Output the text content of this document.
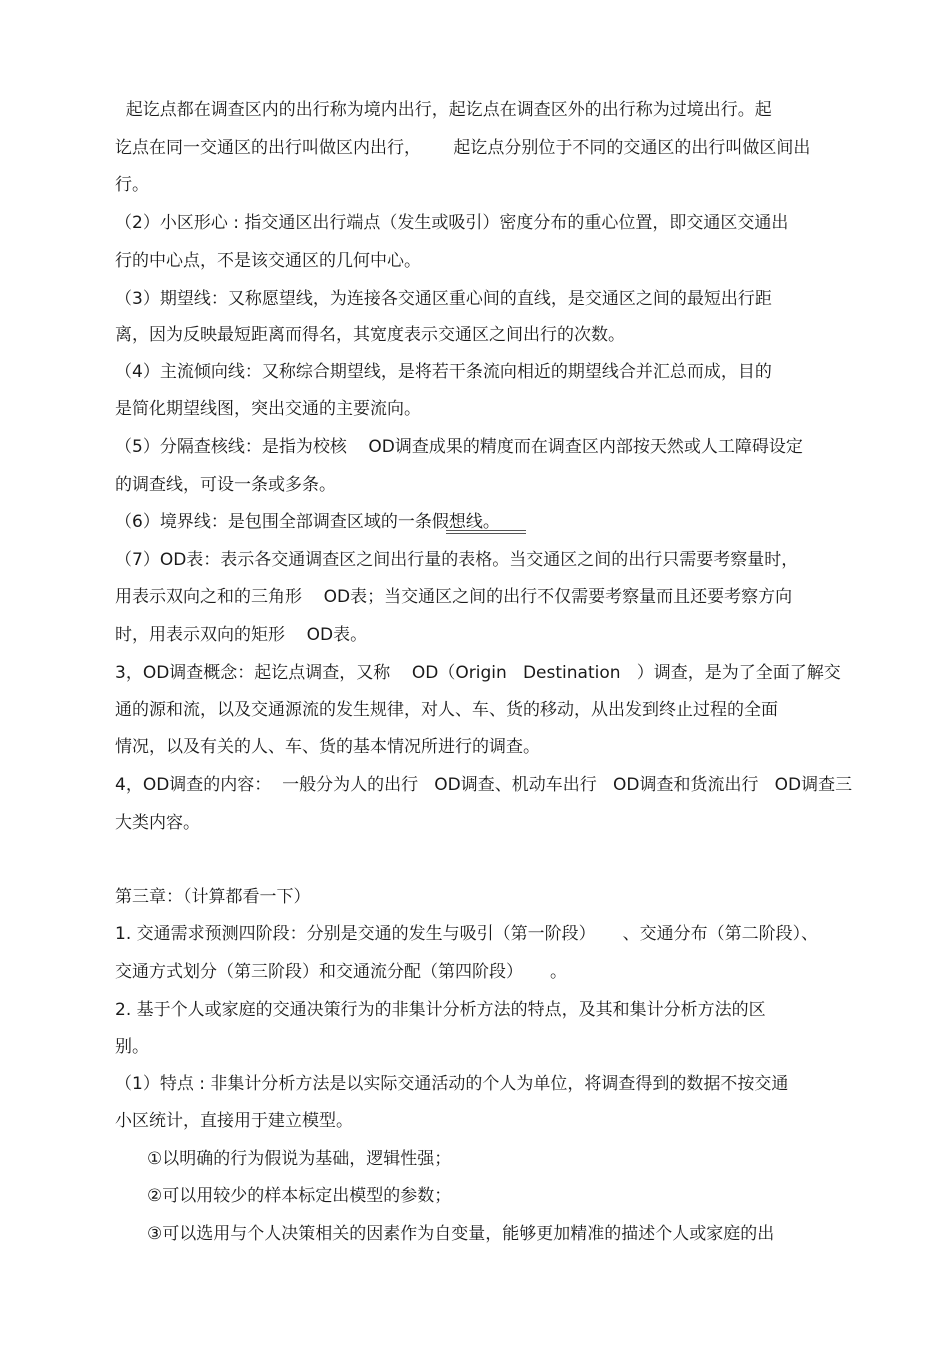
起讫点都在调查区内的出行称为境内出行，起讫点在调查区外的出行称为过境出行。起
讫点在同一交通区的出行叫做区内出行，      起讫点分别位于不同的交通区的出行叫做区间出
行。
（2）小区形心 : 指交通区出行端点（发生或吸引）密度分布的重心位置，即交通区交通出
行的中心点，不是该交通区的几何中心。
（3）期望线：又称愿望线，为连接各交通区重心间的直线，是交通区之间的最短出行距
离，因为反映最短距离而得名，其宽度表示交通区之间出行的次数。
（4）主流倾向线：又称综合期望线，是将若干条流向相近的期望线合并汇总而成，目的
是简化期望线图，突出交通的主要流向。
（5）分隔查核线：是指为校核    OD调查成果的精度而在调查区内部按天然或人工障碍设定
的调查线，可设一条或多条。
（6）境界线：是包围全部调查区域的一条假想线。
（7）OD表：表示各交通调查区之间出行量的表格。当交通区之间的出行只需要考察量时，
用表示双向之和的三角形    OD表；当交通区之间的出行不仅需要考察量而且还要考察方向
时，用表示双向的矩形    OD表。
3，OD调查概念：起讫点调查，又称    OD（Origin   Destination   ）调查，是为了全面了解交
通的源和流，以及交通源流的发生规律，对人、车、货的移动，从出发到终止过程的全面
情况，以及有关的人、车、货的基本情况所进行的调查。
4，OD调查的内容：  一般分为人的出行   OD调查、机动车出行   OD调查和货流出行   OD调查三
大类内容。
第三章：（计算都看一下）
1. 交通需求预测四阶段：分别是交通的发生与吸引（第一阶段）     、交通分布（第二阶段）、
交通方式划分（第三阶段）和交通流分配（第四阶段）     。
2. 基于个人或家庭的交通决策行为的非集计分析方法的特点，及其和集计分析方法的区
别。
（1）特点 : 非集计分析方法是以实际交通活动的个人为单位，将调查得到的数据不按交通
小区统计，直接用于建立模型。
①以明确的行为假说为基础，逻辑性强；
②可以用较少的样本标定出模型的参数；
③可以选用与个人决策相关的因素作为自变量，能够更加精准的描述个人或家庭的出
